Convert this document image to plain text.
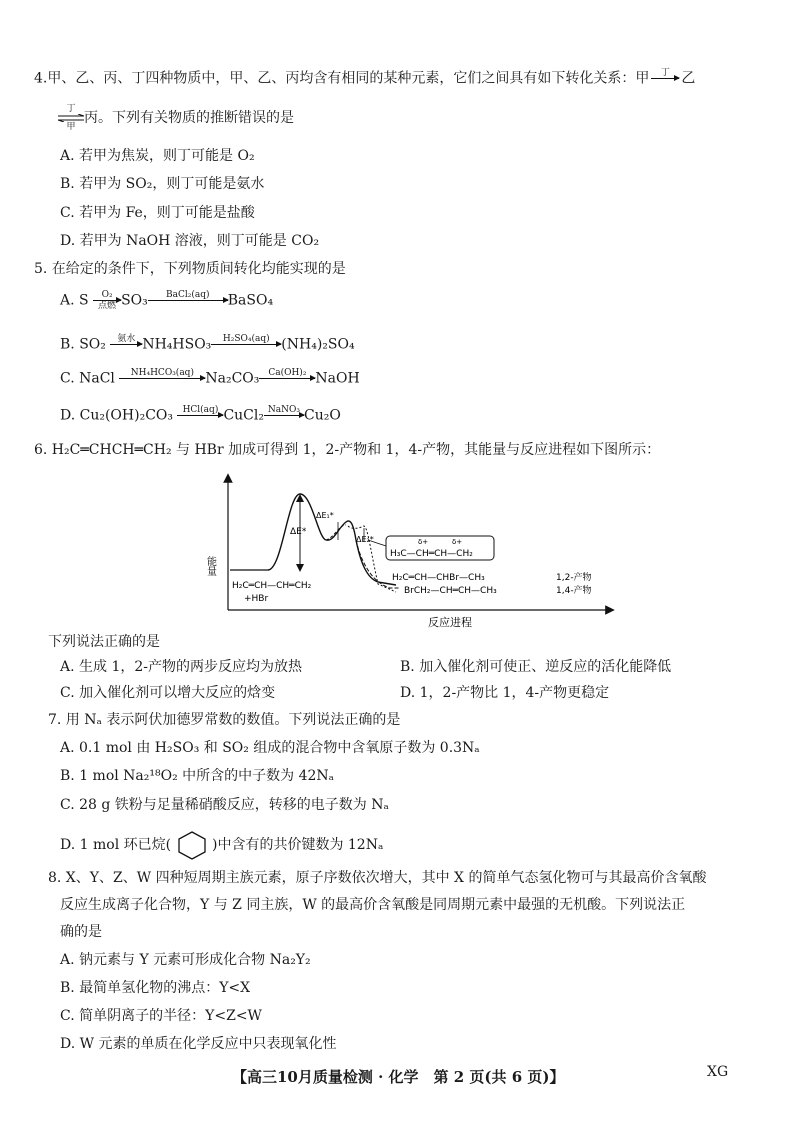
4.甲、乙、丙、丁四种物质中，甲、乙、丙均含有相同的某种元素，它们之间具有如下转化关系：甲	丁
乙
丁
甲
丙。下列有关物质的推断错误的是
A. 若甲为焦炭，则丁可能是 O₂
B. 若甲为 SO₂，则丁可能是氨水
C. 若甲为 Fe，则丁可能是盐酸
D. 若甲为 NaOH 溶液，则丁可能是 CO₂
5. 在给定的条件下，下列物质间转化均能实现的是
A. S	O₂
点燃 SO₃	BaCl₂(aq)
	BaSO₄
B. SO₂	氨水
NH₄HSO₃	H₂SO₄(aq)
(NH₄)₂SO₄
C. NaCl	NH₄HCO₃(aq)
Na₂CO₃ Ca(OH)₂
NaOH
D. Cu₂(OH)₂CO₃	HCl(aq)
CuCl₂ NaNO₃
Cu₂O
6. H₂C═CHCH═CH₂ 与 HBr 加成可得到 1，2-产物和 1，4-产物，其能量与反应进程如下图所示：
能量
反应进程
ΔE*
ΔE₁*
ΔE₂*	δ+	δ+
H₃C—CH═CH—CH₂
H₂C═CH—CH═CH₂
+HBr
H₂C═CH—CHBr—CH₃	1,2-产物
BrCH₂—CH═CH—CH₃	1,4-产物
下列说法正确的是
A. 生成 1，2-产物的两步反应均为放热	B. 加入催化剂可使正、逆反应的活化能降低
C. 加入催化剂可以增大反应的焓变	D. 1，2-产物比 1，4-产物更稳定
7. 用 Nₐ 表示阿伏加德罗常数的数值。下列说法正确的是
A. 0.1 mol 由 H₂SO₃ 和 SO₂ 组成的混合物中含氧原子数为 0.3Nₐ
B. 1 mol Na₂¹⁸O₂ 中所含的中子数为 42Nₐ
C. 28 g 铁粉与足量稀硝酸反应，转移的电子数为 Nₐ
D. 1 mol 环已烷(	)中含有的共价键数为 12Nₐ
8. X、Y、Z、W 四种短周期主族元素，原子序数依次增大，其中 X 的简单气态氢化物可与其最高价含氧酸
反应生成离子化合物，Y 与 Z 同主族，W 的最高价含氧酸是同周期元素中最强的无机酸。下列说法正
确的是
A. 钠元素与 Y 元素可形成化合物 Na₂Y₂
B. 最简单氢化物的沸点：Y<X
C. 简单阴离子的半径：Y<Z<W
D. W 元素的单质在化学反应中只表现氧化性
【高三10月质量检测 · 化学　第 2 页(共 6 页)】	XG
